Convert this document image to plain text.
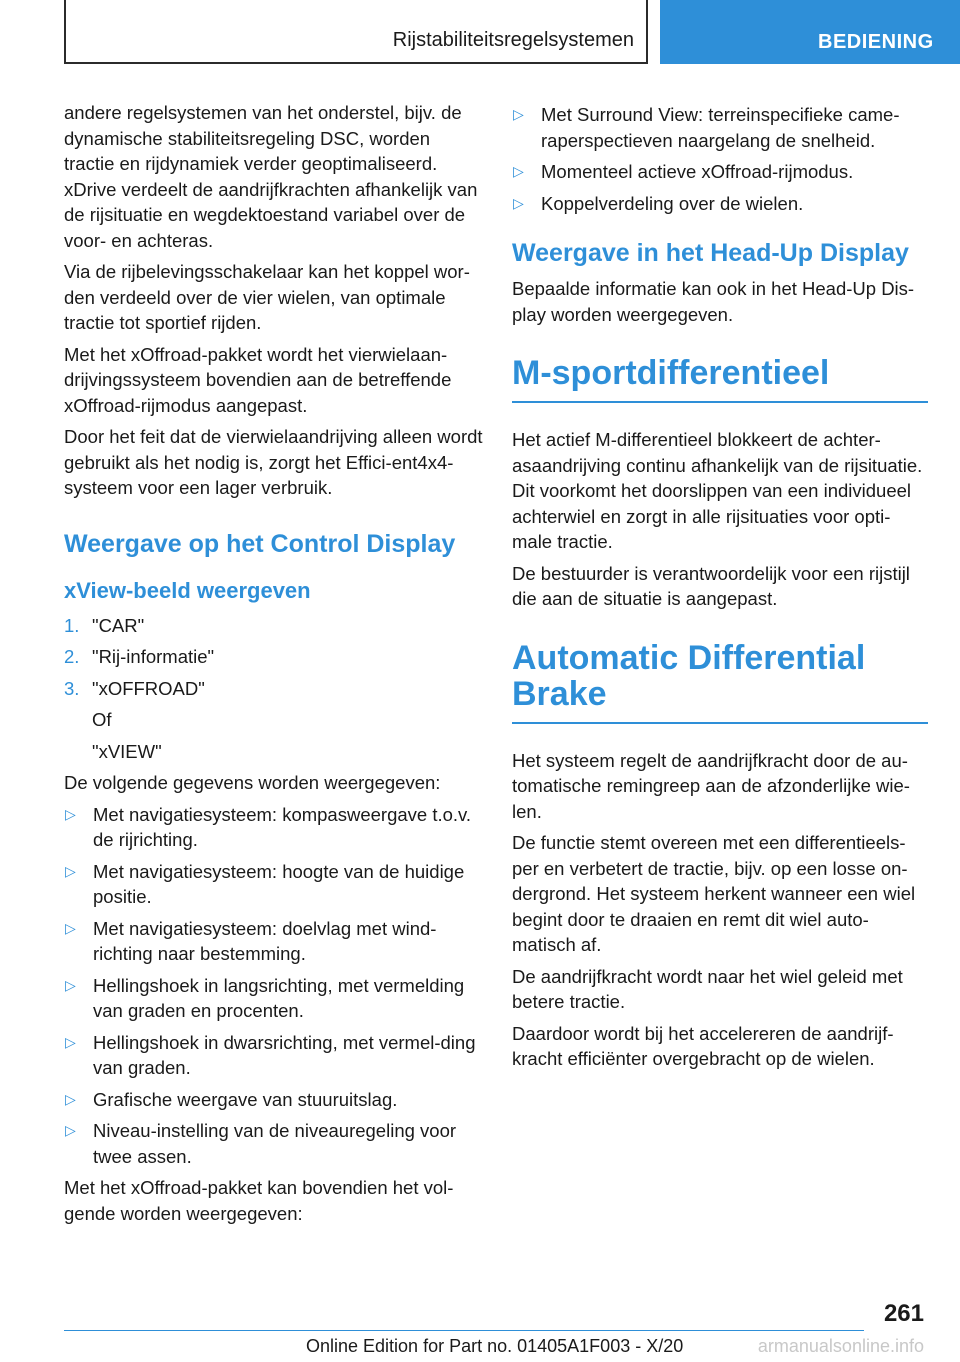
Rijstabiliteitsregelsystemen	BEDIENING

andere regelsystemen van het onderstel, bijv. de dynamische stabiliteitsregeling DSC, worden tractie en rijdynamiek verder geoptimaliseerd. xDrive verdeelt de aandrijfkrachten afhankelijk van de rijsituatie en wegdektoestand variabel over de voor- en achteras.

Via de rijbelevingsschakelaar kan het koppel wor-den verdeeld over de vier wielen, van optimale tractie tot sportief rijden.

Met het xOffroad-pakket wordt het vierwielaan-drijvingssysteem bovendien aan de betreffende xOffroad-rijmodus aangepast.

Door het feit dat de vierwielaandrijving alleen wordt gebruikt als het nodig is, zorgt het Effici-ent4x4-systeem voor een lager verbruik.

Weergave op het Control Display
xView-beeld weergeven
1. "CAR"
2. "Rij-informatie"
3. "xOFFROAD"
Of
"xVIEW"

De volgende gegevens worden weergegeven:

▷ Met navigatiesysteem: kompasweergave t.o.v. de rijrichting.
▷ Met navigatiesysteem: hoogte van de huidige positie.
▷ Met navigatiesysteem: doelvlag met wind-richting naar bestemming.
▷ Hellingshoek in langsrichting, met vermelding van graden en procenten.
▷ Hellingshoek in dwarsrichting, met vermel-ding van graden.
▷ Grafische weergave van stuuruitslag.
▷ Niveau-instelling van de niveauregeling voor twee assen.

Met het xOffroad-pakket kan bovendien het vol-gende worden weergegeven:

▷ Met Surround View: terreinspecifieke came-raperspectieven naargelang de snelheid.
▷ Momenteel actieve xOffroad-rijmodus.
▷ Koppelverdeling over de wielen.
Weergave in het Head-Up Display

Bepaalde informatie kan ook in het Head-Up Dis-play worden weergegeven.

M-sportdifferentieel

Het actief M-differentieel blokkeert de achter-asaandrijving continu afhankelijk van de rijsituatie. Dit voorkomt het doorslippen van een individueel achterwiel en zorgt in alle rijsituaties voor opti-male tractie.

De bestuurder is verantwoordelijk voor een rijstijl die aan de situatie is aangepast.

Automatic Differential Brake

Het systeem regelt de aandrijfkracht door de au-tomatische remingreep aan de afzonderlijke wie-len.

De functie stemt overeen met een differentieels-per en verbetert de tractie, bijv. op een losse on-dergrond. Het systeem herkent wanneer een wiel begint door te draaien en remt dit wiel auto-matisch af.

De aandrijfkracht wordt naar het wiel geleid met betere tractie.

Daardoor wordt bij het accelereren de aandrijf-kracht efficiënter overgebracht op de wielen.

261
Online Edition for Part no. 01405A1F003 - X/20	armanualsonline.info
